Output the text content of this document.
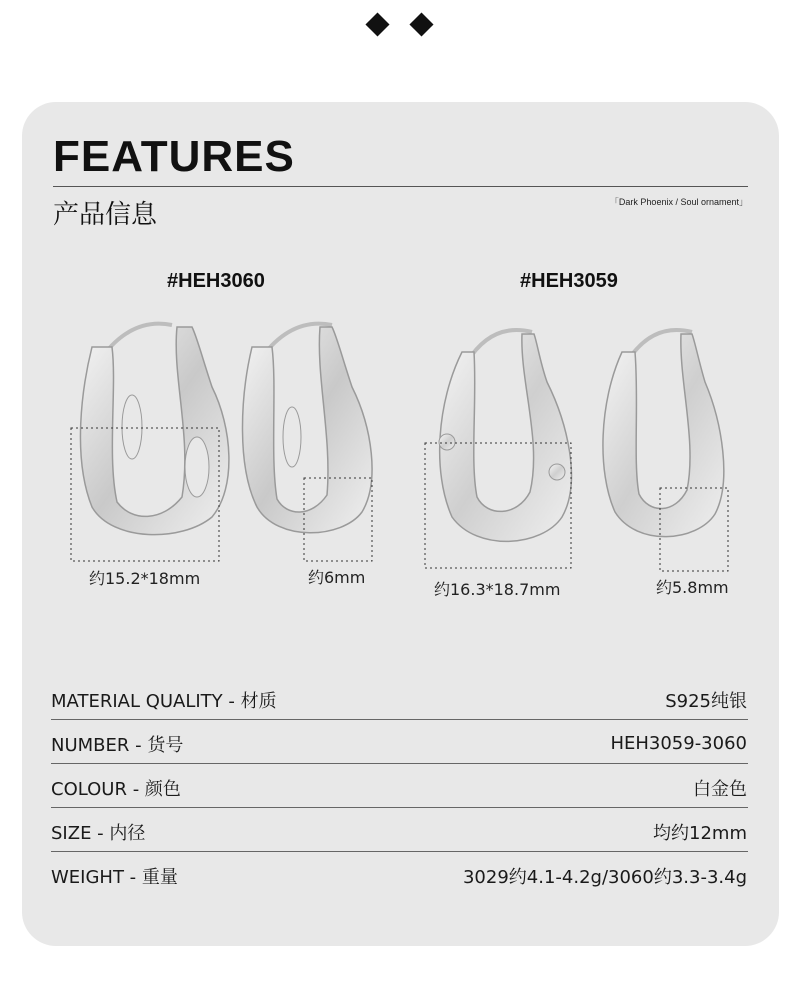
FEATURES
产品信息	「Dark Phoenix / Soul ornament」
#HEH3060
约15.2*18mm	约6mm
#HEH3059
约16.3*18.7mm	约5.8mm
MATERIAL QUALITY - 材质	S925纯银
NUMBER - 货号	HEH3059-3060
COLOUR - 颜色	白金色
SIZE - 内径	均约12mm
WEIGHT - 重量	3029约4.1-4.2g/3060约3.3-3.4g
